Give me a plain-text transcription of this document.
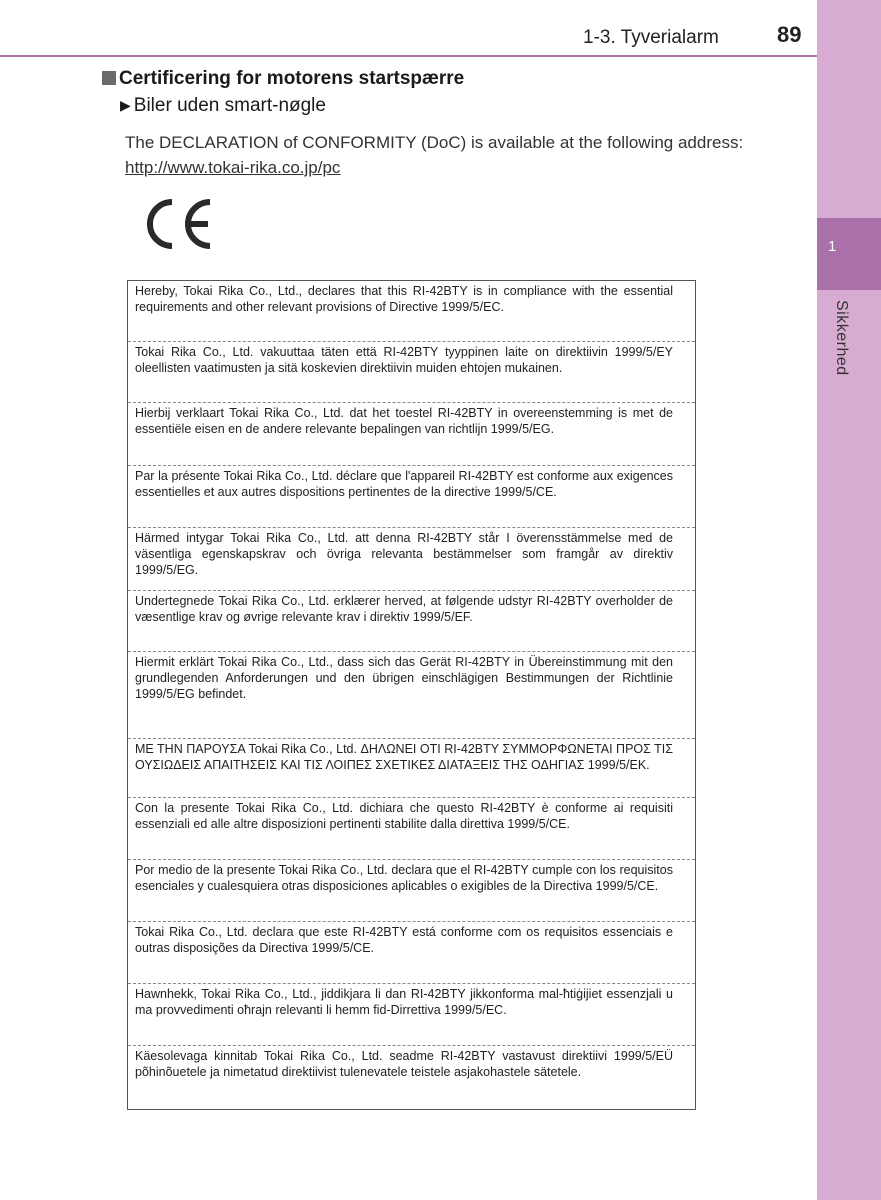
1
Sikkerhed
1-3. Tyverialarm	89
Certificering for motorens startspærre
▶ Biler uden smart-nøgle
The DECLARATION of CONFORMITY (DoC) is available at the following address:
http://www.tokai-rika.co.jp/pc
Hereby, Tokai Rika Co., Ltd., declares that this RI-42BTY is in compliance with the essential requirements and other relevant provisions of Directive 1999/5/EC.
Tokai Rika Co., Ltd. vakuuttaa täten että RI-42BTY tyyppinen laite on direktiivin 1999/5/EY oleellisten vaatimusten ja sitä koskevien direktiivin muiden ehtojen mukainen.
Hierbij verklaart Tokai Rika Co., Ltd. dat het toestel RI-42BTY in overeenstemming is met de essentiële eisen en de andere relevante bepalingen van richtlijn 1999/5/EG.
Par la présente Tokai Rika Co., Ltd. déclare que l'appareil RI-42BTY est conforme aux exigences essentielles et aux autres dispositions pertinentes de la directive 1999/5/CE.
Härmed intygar Tokai Rika Co., Ltd. att denna RI-42BTY står I överensstämmelse med de väsentliga egenskapskrav och övriga relevanta bestämmelser som framgår av direktiv 1999/5/EG.
Undertegnede Tokai Rika Co., Ltd. erklærer herved, at følgende udstyr RI-42BTY overholder de væsentlige krav og øvrige relevante krav i direktiv 1999/5/EF.
Hiermit erklärt Tokai Rika Co., Ltd., dass sich das Gerät RI-42BTY in Übereinstimmung mit den grundlegenden Anforderungen und den übrigen einschlägigen Bestimmungen der Richtlinie 1999/5/EG befindet.
ΜΕ ΤΗΝ ΠΑΡΟΥΣΑ Tokai Rika Co., Ltd. ΔΗΛΩΝΕΙ ΟΤΙ RI-42BTY ΣΥΜΜΟΡΦΩΝΕΤΑΙ ΠΡΟΣ ΤΙΣ ΟΥΣΙΩΔΕΙΣ ΑΠΑΙΤΗΣΕΙΣ ΚΑΙ ΤΙΣ ΛΟΙΠΕΣ ΣΧΕΤΙΚΕΣ ΔΙΑΤΑΞΕΙΣ ΤΗΣ ΟΔΗΓΙΑΣ 1999/5/ΕΚ.
Con la presente Tokai Rika Co., Ltd. dichiara che questo RI-42BTY è conforme ai requisiti essenziali ed alle altre disposizioni pertinenti stabilite dalla direttiva 1999/5/CE.
Por medio de la presente Tokai Rika Co., Ltd. declara que el RI-42BTY cumple con los requisitos esenciales y cualesquiera otras disposiciones aplicables o exigibles de la Directiva 1999/5/CE.
Tokai Rika Co., Ltd. declara que este RI-42BTY está conforme com os requisitos essenciais e outras disposições da Directiva 1999/5/CE.
Hawnhekk, Tokai Rika Co., Ltd., jiddikjara li dan RI-42BTY jikkonforma mal-ħtiġijiet essenzjali u ma provvedimenti oħrajn relevanti li hemm fid-Dirrettiva 1999/5/EC.
Käesolevaga kinnitab Tokai Rika Co., Ltd. seadme RI-42BTY vastavust direktiivi 1999/5/EÜ põhinõuetele ja nimetatud direktiivist tulenevatele teistele asjakohastele sätetele.
